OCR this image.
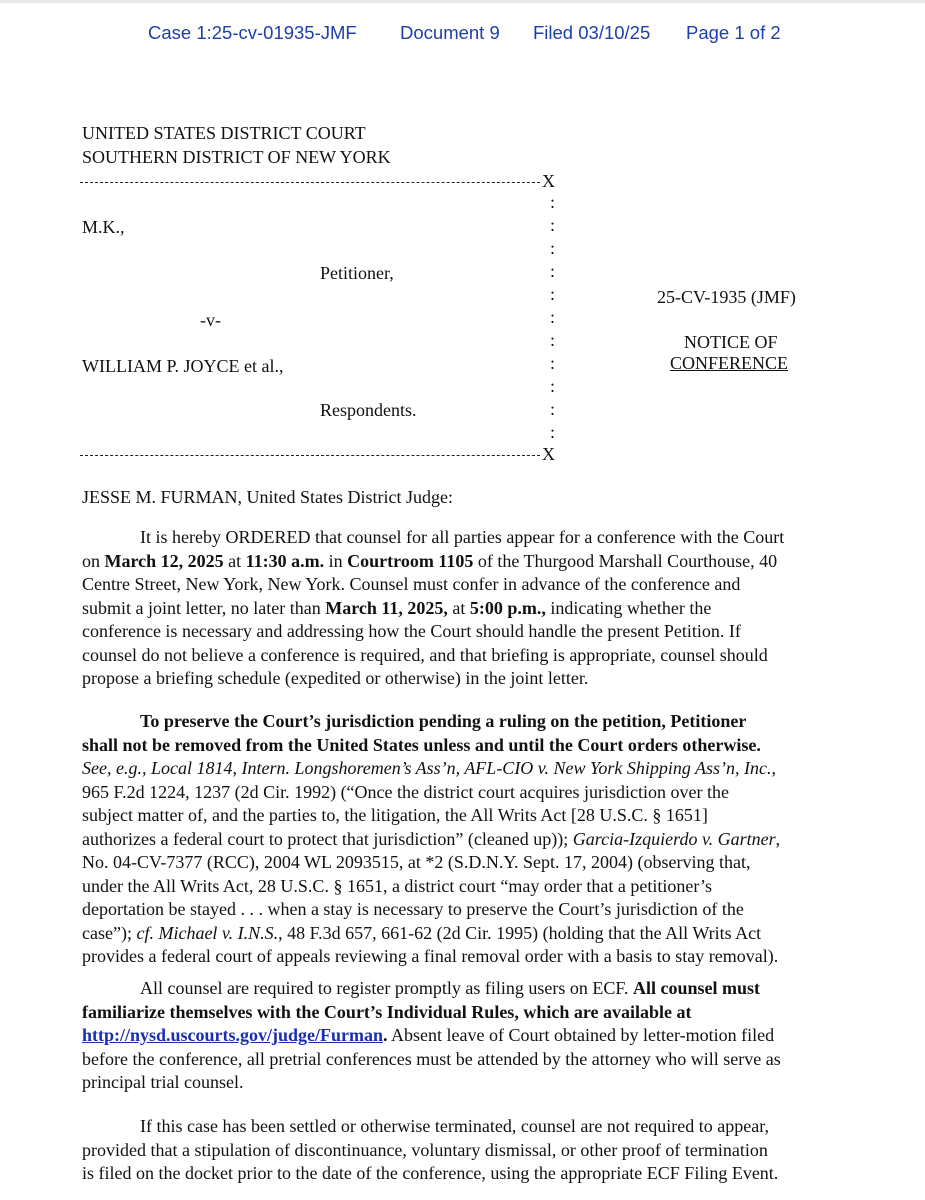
Case 1:25-cv-01935-JMF Document 9 Filed 03/10/25 Page 1 of 2
UNITED STATES DISTRICT COURT
SOUTHERN DISTRICT OF NEW YORK
X
:
:
:
:
:
:
:
:
:
:
:
M.K.,
Petitioner,
-v-
WILLIAM P. JOYCE et al.,
Respondents.
25-CV-1935 (JMF)
NOTICE OF
CONFERENCE
X
JESSE M. FURMAN, United States District Judge:
It is hereby ORDERED that counsel for all parties appear for a conference with the Court
on March 12, 2025 at 11:30 a.m. in Courtroom 1105 of the Thurgood Marshall Courthouse, 40
Centre Street, New York, New York. Counsel must confer in advance of the conference and
submit a joint letter, no later than March 11, 2025, at 5:00 p.m., indicating whether the
conference is necessary and addressing how the Court should handle the present Petition. If
counsel do not believe a conference is required, and that briefing is appropriate, counsel should
propose a briefing schedule (expedited or otherwise) in the joint letter.
To preserve the Court’s jurisdiction pending a ruling on the petition, Petitioner
shall not be removed from the United States unless and until the Court orders otherwise.
See, e.g., Local 1814, Intern. Longshoremen’s Ass’n, AFL-CIO v. New York Shipping Ass’n, Inc.,
965 F.2d 1224, 1237 (2d Cir. 1992) (“Once the district court acquires jurisdiction over the
subject matter of, and the parties to, the litigation, the All Writs Act [28 U.S.C. § 1651]
authorizes a federal court to protect that jurisdiction” (cleaned up)); Garcia-Izquierdo v. Gartner,
No. 04-CV-7377 (RCC), 2004 WL 2093515, at *2 (S.D.N.Y. Sept. 17, 2004) (observing that,
under the All Writs Act, 28 U.S.C. § 1651, a district court “may order that a petitioner’s
deportation be stayed . . . when a stay is necessary to preserve the Court’s jurisdiction of the
case”); cf. Michael v. I.N.S., 48 F.3d 657, 661-62 (2d Cir. 1995) (holding that the All Writs Act
provides a federal court of appeals reviewing a final removal order with a basis to stay removal).
All counsel are required to register promptly as filing users on ECF. All counsel must
familiarize themselves with the Court’s Individual Rules, which are available at
http://nysd.uscourts.gov/judge/Furman. Absent leave of Court obtained by letter-motion filed
before the conference, all pretrial conferences must be attended by the attorney who will serve as
principal trial counsel.
If this case has been settled or otherwise terminated, counsel are not required to appear,
provided that a stipulation of discontinuance, voluntary dismissal, or other proof of termination
is filed on the docket prior to the date of the conference, using the appropriate ECF Filing Event.
